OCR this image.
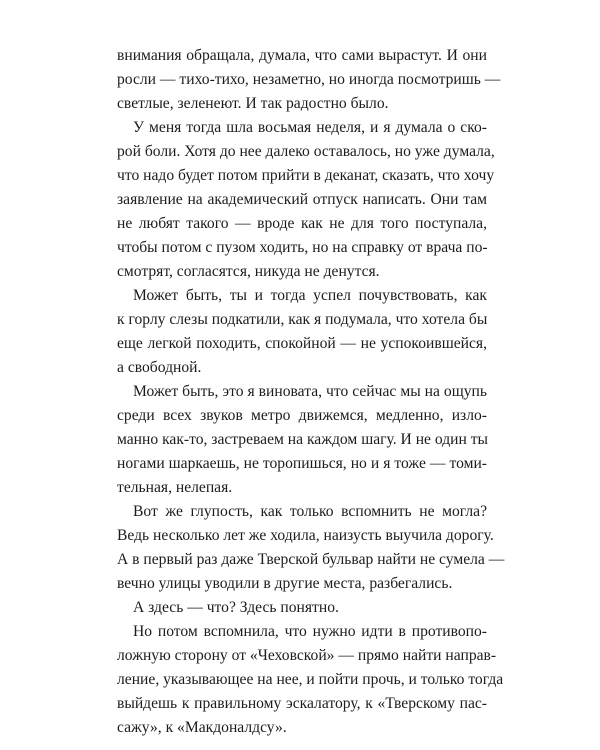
внимания обращала, думала, что сами вырастут. И они
росли — тихо-тихо, незаметно, но иногда посмотришь —
светлые, зеленеют. И так радостно было.
У меня тогда шла восьмая неделя, и я думала о ско-
рой боли. Хотя до нее далеко оставалось, но уже думала,
что надо будет потом прийти в деканат, сказать, что хочу
заявление на академический отпуск написать. Они там
не любят такого — вроде как не для того поступала,
чтобы потом с пузом ходить, но на справку от врача по-
смотрят, согласятся, никуда не денутся.
Может быть, ты и тогда успел почувствовать, как
к горлу слезы подкатили, как я подумала, что хотела бы
еще легкой походить, спокойной — не успокоившейся,
а свободной.
Может быть, это я виновата, что сейчас мы на ощупь
среди всех звуков метро движемся, медленно, изло-
манно как-то, застреваем на каждом шагу. И не один ты
ногами шаркаешь, не торопишься, но и я тоже — томи-
тельная, нелепая.
Вот же глупость, как только вспомнить не могла?
Ведь несколько лет же ходила, наизусть выучила дорогу.
А в первый раз даже Тверской бульвар найти не сумела —
вечно улицы уводили в другие места, разбегались.
А здесь — что? Здесь понятно.
Но потом вспомнила, что нужно идти в противопо-
ложную сторону от «Чеховской» — прямо найти направ-
ление, указывающее на нее, и пойти прочь, и только тогда
выйдешь к правильному эскалатору, к «Тверскому пас-
сажу», к «Макдоналдсу».
